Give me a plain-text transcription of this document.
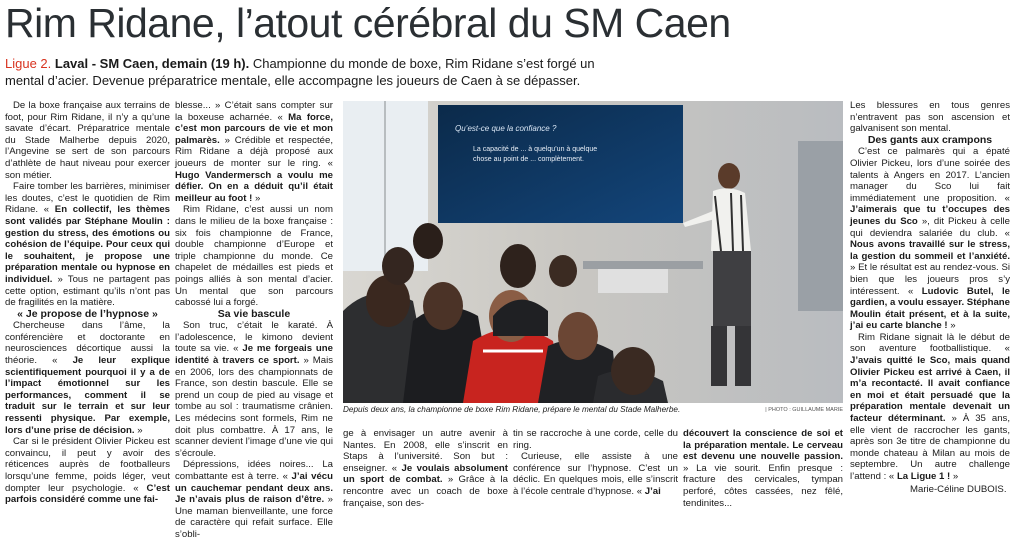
Rim Ridane, l’atout cérébral du SM Caen
Ligue 2. Laval - SM Caen, demain (19 h). Championne du monde de boxe, Rim Ridane s’est forgé un mental d’acier. Devenue préparatrice mentale, elle accompagne les joueurs de Caen à se dépasser.

De la boxe française aux terrains de foot, pour Rim Ridane, il n’y a qu’une savate d’écart. Préparatrice mentale du Stade Malherbe depuis 2020, l’Angevine se sert de son parcours d’athlète de haut niveau pour exercer son métier.

Faire tomber les barrières, minimiser les doutes, c’est le quotidien de Rim Ridane. « En collectif, les thèmes sont validés par Stéphane Moulin : gestion du stress, des émotions ou cohésion de l’équipe. Pour ceux qui le souhaitent, je propose une préparation mentale ou hypnose en individuel. » Tous ne partagent pas cette option, estimant qu’ils n’ont pas de fragilités en la matière.

« Je propose de l’hypnose »

Chercheuse dans l’âme, la conférencière et doctorante en neurosciences décortique aussi la théorie. « Je leur explique scientifiquement pourquoi il y a de l’impact émotionnel sur les performances, comment il se traduit sur le terrain et sur leur ressenti physique. Par exemple, lors d’une prise de décision. »

Car si le président Olivier Pickeu est convaincu, il peut y avoir des réticences auprès de footballeurs lorsqu’une femme, poids léger, veut dompter leur psychologie. « C’est parfois considéré comme une fai-

blesse... » C’était sans compter sur la boxeuse acharnée. « Ma force, c’est mon parcours de vie et mon palmarès. » Crédible et respectée, Rim Ridane a déjà proposé aux joueurs de monter sur le ring. « Hugo Vandermersch a voulu me défier. On en a déduit qu’il était meilleur au foot ! »

Rim Ridane, c’est aussi un nom dans le milieu de la boxe française : six fois championne de France, double championne d’Europe et triple championne du monde. Ce chapelet de médailles est pieds et poings alliés à son mental d’acier. Un mental que son parcours cabossé lui a forgé.

Sa vie bascule

Son truc, c’était le karaté. À l’adolescence, le kimono devient toute sa vie. « Je me forgeais une identité à travers ce sport. » Mais en 2006, lors des championnats de France, son destin bascule. Elle se prend un coup de pied au visage et tombe au sol : traumatisme crânien. Les médecins sont formels, Rim ne doit plus combattre. À 17 ans, le scanner devient l’image d’une vie qui s’écroule.

Dépressions, idées noires... La combattante est à terre. « J’ai vécu un cauchemar pendant deux ans. Je n’avais plus de raison d’être. » Une maman bienveillante, une force de caractère qui refait surface. Elle s’obli-

Qu’est-ce que la confiance ?
La capacité de ... à quelqu’un à quelque
chose au point de ... complètement.
Depuis deux ans, la championne de boxe Rim Ridane, prépare le mental du Stade Malherbe.	| PHOTO : GUILLAUME MARIE

Les blessures en tous genres n’entravent pas son ascension et galvanisent son mental.

Des gants aux crampons

C’est ce palmarès qui a épaté Olivier Pickeu, lors d’une soirée des talents à Angers en 2017. L’ancien manager du Sco lui fait immédiatement une proposition. « J’aimerais que tu t’occupes des jeunes du Sco », dit Pickeu à celle qui deviendra salariée du club. « Nous avons travaillé sur le stress, la gestion du sommeil et l’anxiété. » Et le résultat est au rendez-vous. Si bien que les joueurs pros s’y intéressent. « Ludovic Butel, le gardien, a voulu essayer. Stéphane Moulin était présent, et à la suite, j’ai eu carte blanche ! »

Rim Ridane signait là le début de son aventure footballistique. « J’avais quitté le Sco, mais quand Olivier Pickeu est arrivé à Caen, il m’a recontacté. Il avait confiance en moi et était persuadé que la préparation mentale devenait un facteur déterminant. » À 35 ans, elle vient de raccrocher les gants, après son 3e titre de championne du monde chateau à Milan au mois de septembre. Un autre challenge l’attend : « La Ligue 1 ! »

ge à envisager un autre avenir à Nantes. En 2008, elle s’inscrit en Staps à l’université. Son but : enseigner. « Je voulais absolument un sport de combat. » Grâce à la rencontre avec un coach de boxe française, son des-

tin se raccroche à une corde, celle du ring.

Curieuse, elle assiste à une conférence sur l’hypnose. C’est un déclic. En quelques mois, elle s’inscrit à l’école centrale d’hypnose. « J’ai

découvert la conscience de soi et la préparation mentale. Le cerveau est devenu une nouvelle passion. » La vie sourit. Enfin presque : fracture des cervicales, tympan perforé, côtes cassées, nez fêlé, tendinites...

Marie-Céline DUBOIS.
